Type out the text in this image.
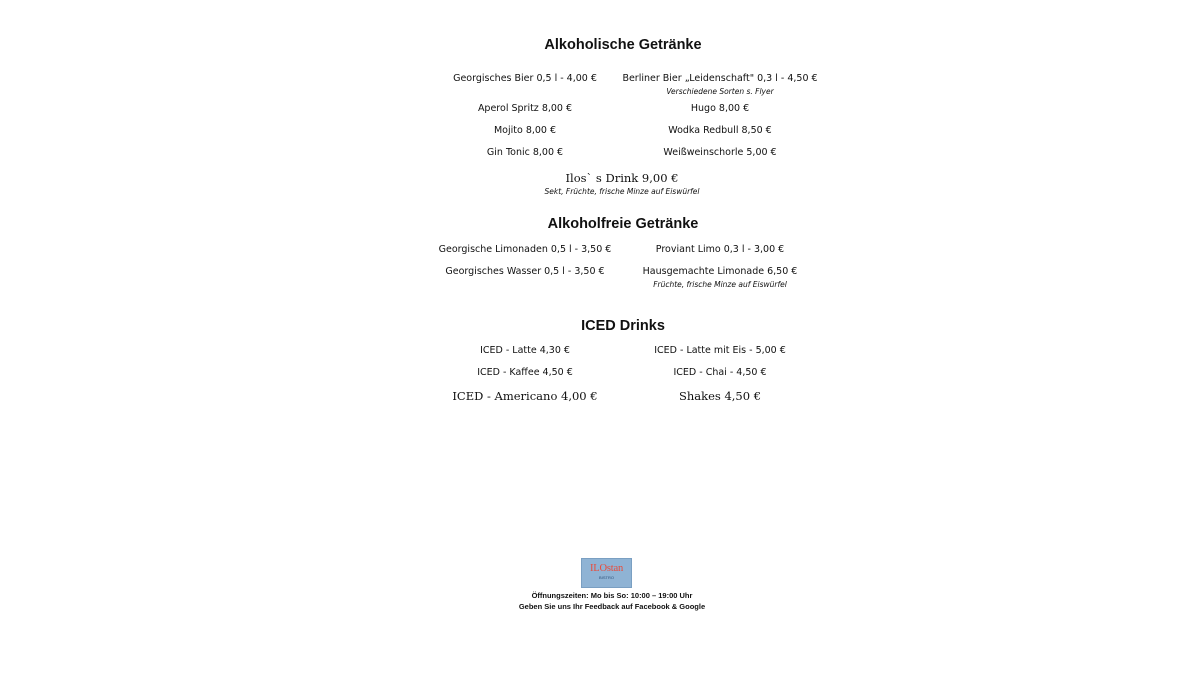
Alkoholische Getränke
Georgisches Bier 0,5 l - 4,00 €	Berliner Bier „Leidenschaft" 0,3 l - 4,50 €
Verschiedene Sorten s. Flyer
Aperol Spritz 8,00 €	Hugo 8,00 €
Mojito 8,00 €	Wodka Redbull 8,50 €
Gin Tonic 8,00 €	Weißweinschorle 5,00 €
Ilos` s Drink 9,00 €
Sekt, Früchte, frische Minze auf Eiswürfel
Alkoholfreie Getränke
Georgische Limonaden 0,5 l - 3,50 €	Proviant Limo 0,3 l - 3,00 €
Georgisches Wasser 0,5 l - 3,50 €	Hausgemachte Limonade 6,50 €
Früchte, frische Minze auf Eiswürfel
ICED Drinks
ICED - Latte 4,30 €	ICED - Latte mit Eis - 5,00 €
ICED - Kaffee 4,50 €	ICED - Chai - 4,50 €
ICED - Americano 4,00 €	Shakes 4,50 €
ILOstan
BISTRO
Öffnungszeiten: Mo bis So: 10:00 – 19:00 Uhr
Geben Sie uns Ihr Feedback auf Facebook & Google
